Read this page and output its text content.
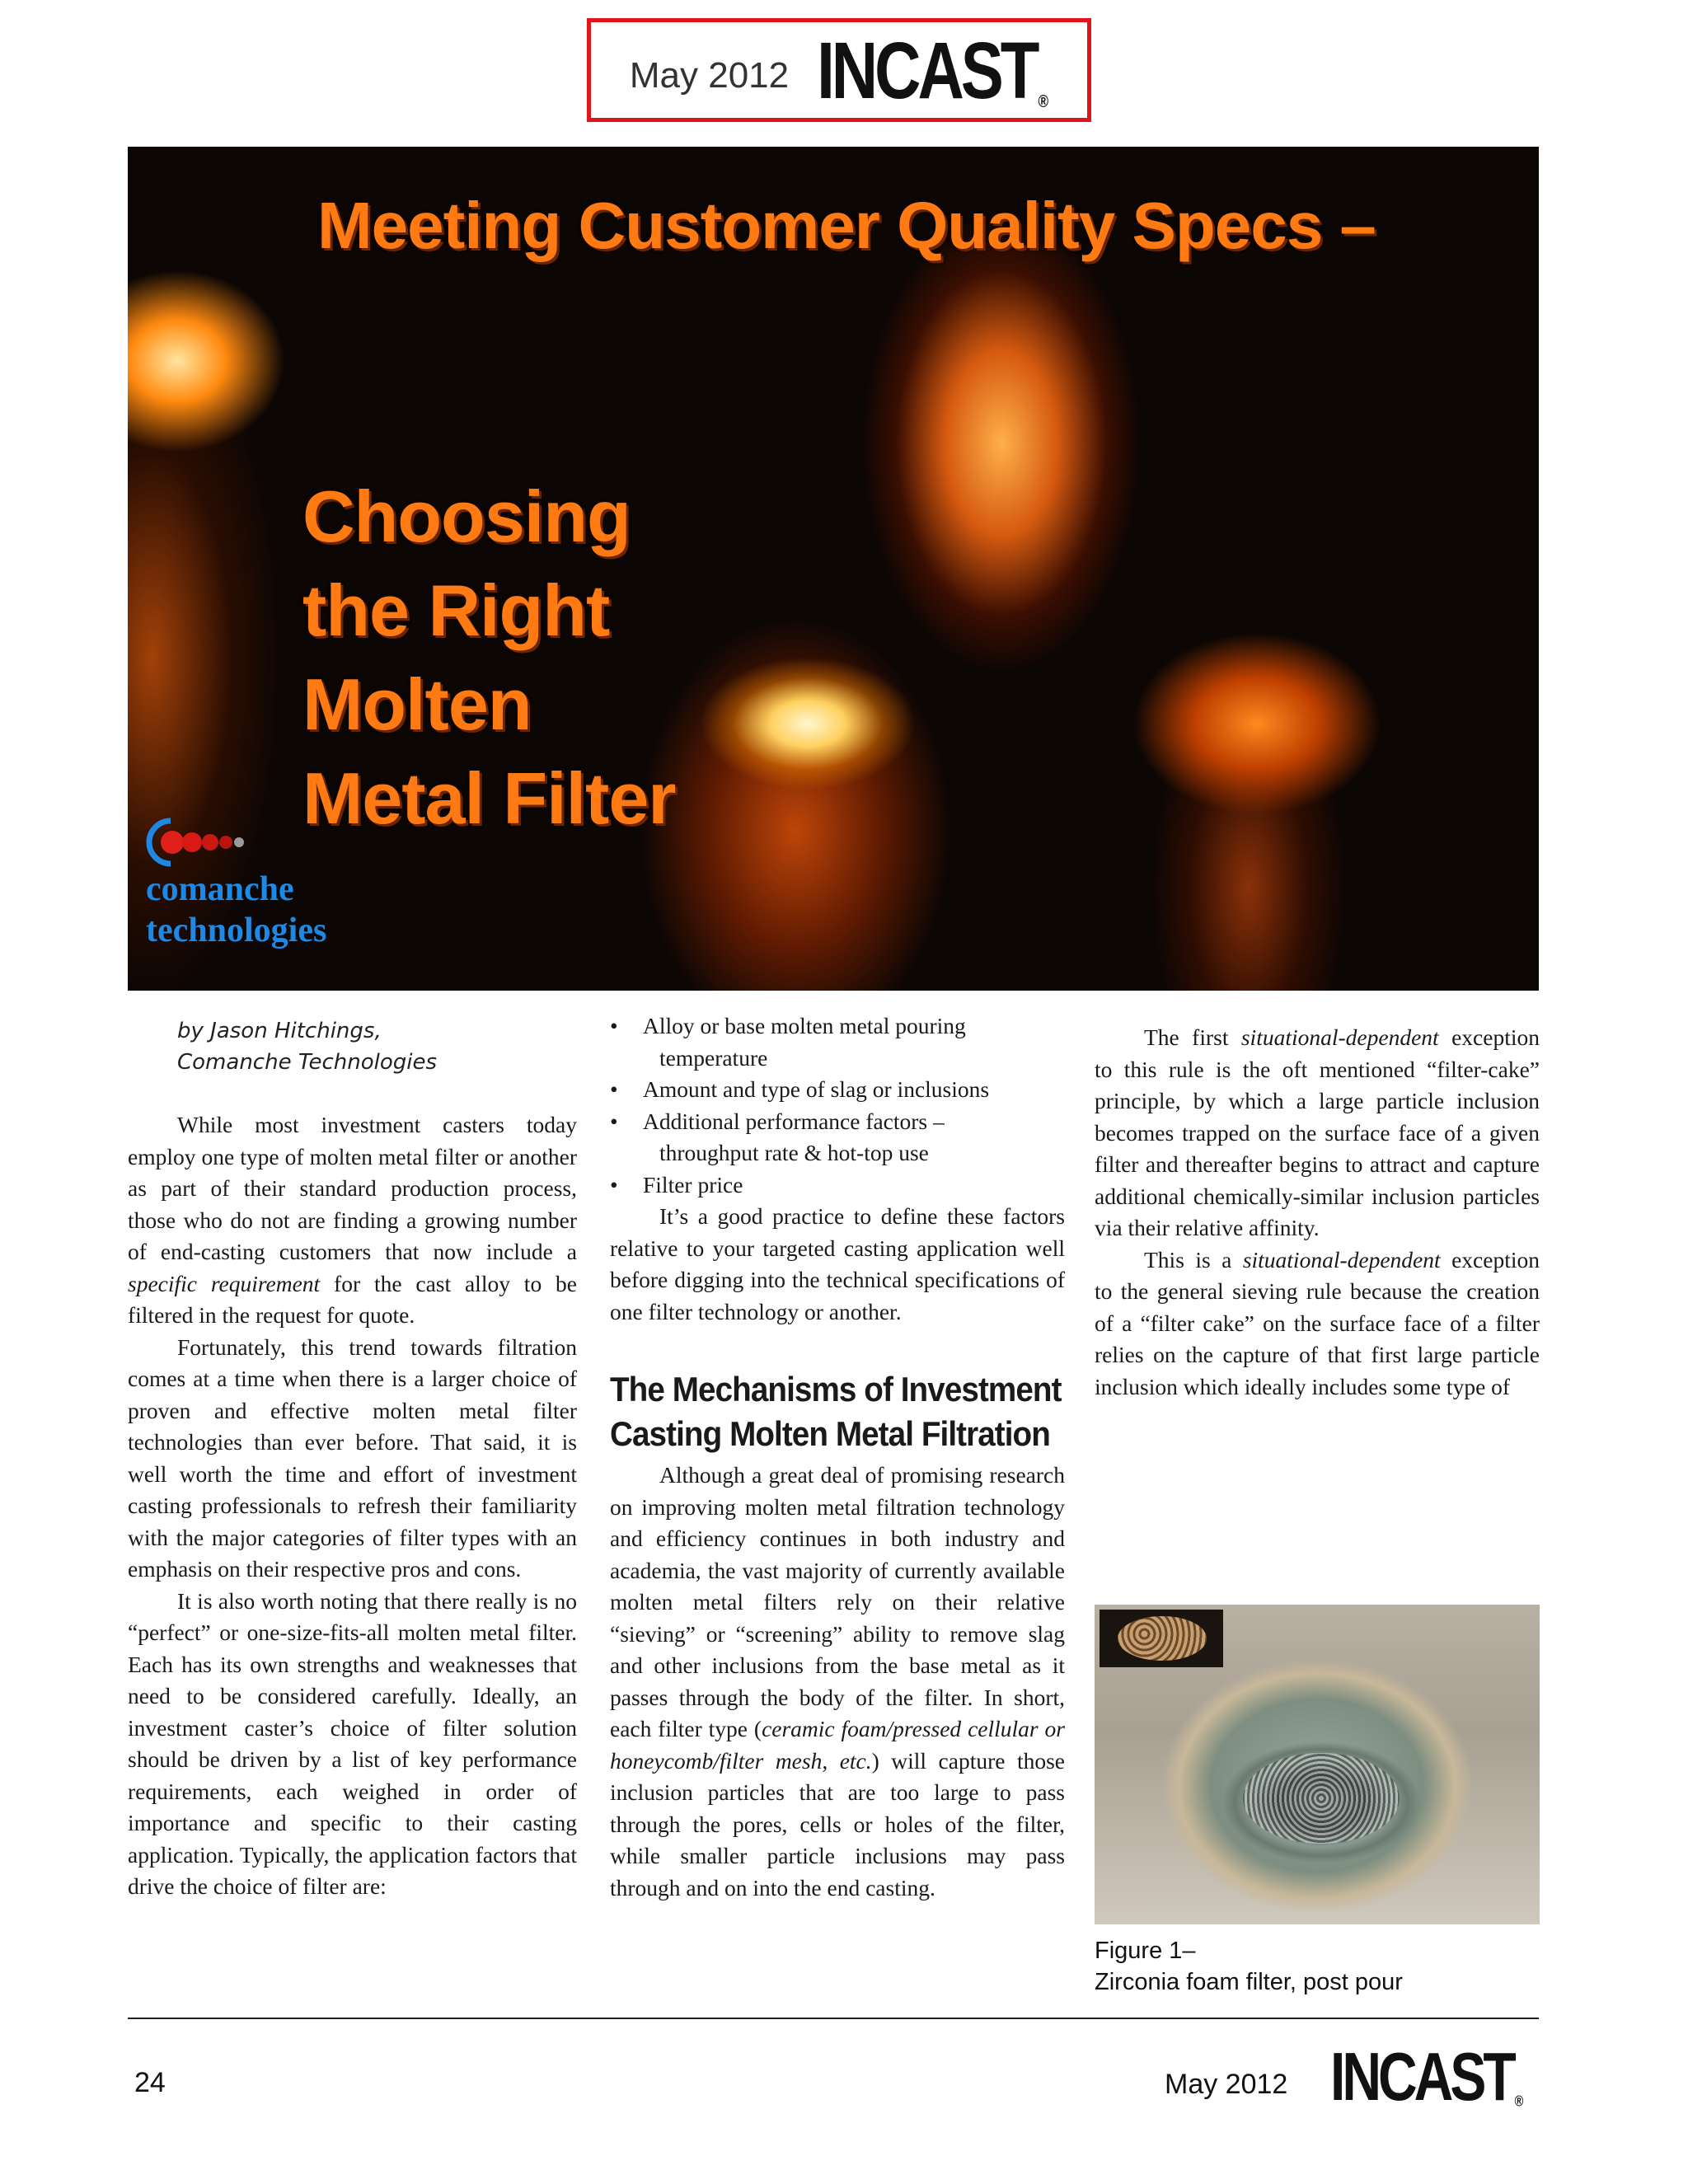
May 2012 INCAST ®
Meeting Customer Quality Specs –
Choosing
the Right
Molten
Metal Filter
comanche
technologies
by Jason Hitchings,
Comanche Technologies

While most investment casters today employ one type of molten metal filter or another as part of their standard production process, those who do not are finding a growing number of end-casting customers that now include a specific requirement for the cast alloy to be filtered in the request for quote.

Fortunately, this trend towards filtration comes at a time when there is a larger choice of proven and effective molten metal filter technologies than ever before. That said, it is well worth the time and effort of investment casting professionals to refresh their familiarity with the major categories of filter types with an emphasis on their respective pros and cons.

It is also worth noting that there really is no “perfect” or one-size-fits-all molten metal filter. Each has its own strengths and weaknesses that need to be considered carefully. Ideally, an investment caster’s choice of filter solution should be driven by a list of key performance requirements, each weighed in order of importance and specific to their casting application. Typically, the application factors that drive the choice of filter are:

• Alloy or base molten metal pouring
temperature
• Amount and type of slag or inclusions
• Additional performance factors –
throughput rate & hot-top use
• Filter price

It’s a good practice to define these factors relative to your targeted casting application well before digging into the technical specifications of one filter technology or another.

The Mechanisms of Investment
Casting Molten Metal Filtration

Although a great deal of promising research on improving molten metal filtration technology and efficiency continues in both industry and academia, the vast majority of currently available molten metal filters rely on their relative “sieving” or “screening” ability to remove slag and other inclusions from the base metal as it passes through the body of the filter. In short, each filter type (ceramic foam/pressed cellular or honeycomb/filter mesh, etc.) will capture those inclusion particles that are too large to pass through the pores, cells or holes of the filter, while smaller particle inclusions may pass through and on into the end casting.

The first situational-dependent exception to this rule is the oft mentioned “filter-cake” principle, by which a large particle inclusion becomes trapped on the surface face of a given filter and thereafter begins to attract and capture additional chemically-similar inclusion particles via their relative affinity.

This is a situational-dependent exception to the general sieving rule because the creation of a “filter cake” on the surface face of a filter relies on the capture of that first large particle inclusion which ideally includes some type of

Figure 1–
Zirconia foam filter, post pour
24	May 2012 INCAST ®
